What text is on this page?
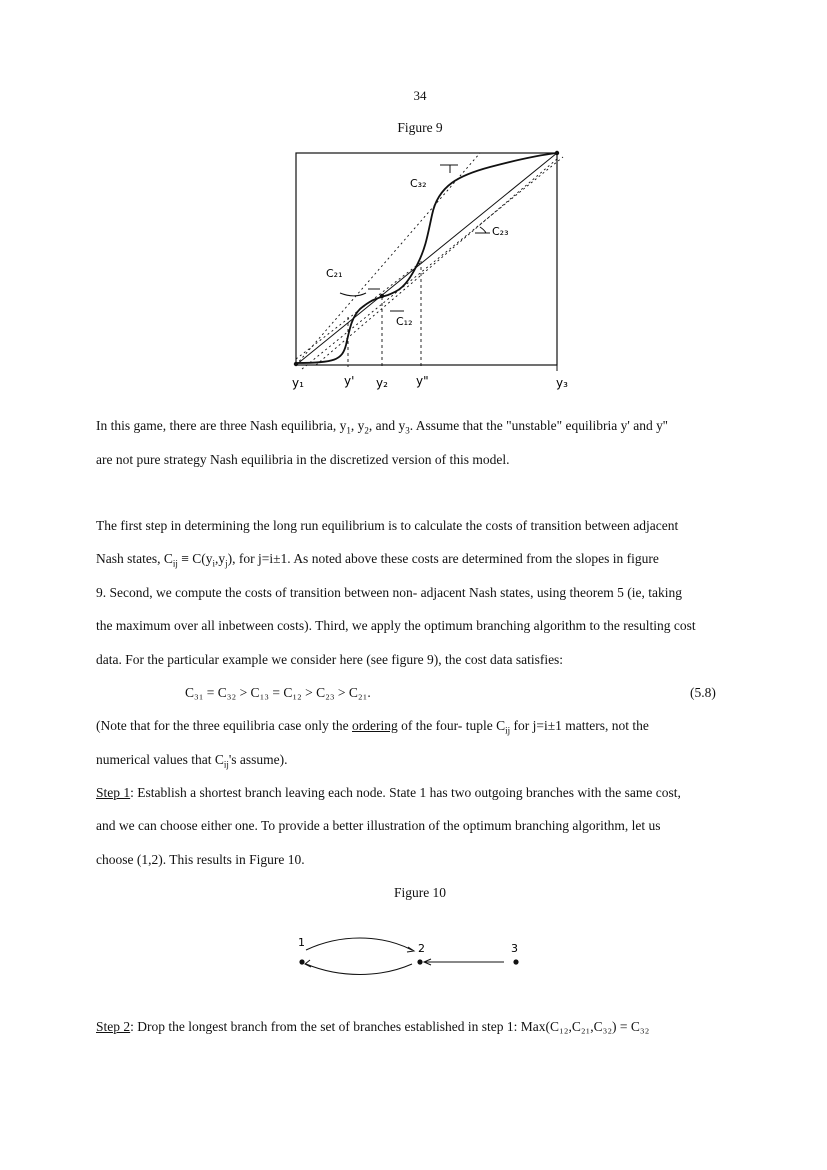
34
Figure 9
C₃₂
C₂₃
C₂₁
C₁₂
y₁	y' y₂ y"	y₃
In this game, there are three Nash equilibria, $y_1$, $y_2$, and $y_3$. Assume that the "unstable" equilibria y' and y''
are not pure strategy Nash equilibria in the discretized version of this model.
The first step in determining the long run equilibrium is to calculate the costs of transition between adjacent
Nash states, $C_{ij} \equiv C(y_i,y_j)$, for j=i±1. As noted above these costs are determined from the slopes in figure
9. Second, we compute the costs of transition between non- adjacent Nash states, using theorem 5 (ie, taking
the maximum over all inbetween costs). Third, we apply the optimum branching algorithm to the resulting cost
data. For the particular example we consider here (see figure 9), the cost data satisfies:
C₃₁ = C₃₂ > C₁₃ = C₁₂ > C₂₃ > C₂₁.	(5.8)
(Note that for the three equilibria case only the ordering of the four- tuple $C_{ij}$ for j=i±1 matters, not the
numerical values that $C_{ij}'s$ assume).
Step 1: Establish a shortest branch leaving each node. State 1 has two outgoing branches with the same cost,
and we can choose either one. To provide a better illustration of the optimum branching algorithm, let us
choose (1,2). This results in Figure 10.
Figure 10
1	2	3
Step 2: Drop the longest branch from the set of branches established in step 1: Max(C₁₂,C₂₁,C₃₂) = C₃₂
